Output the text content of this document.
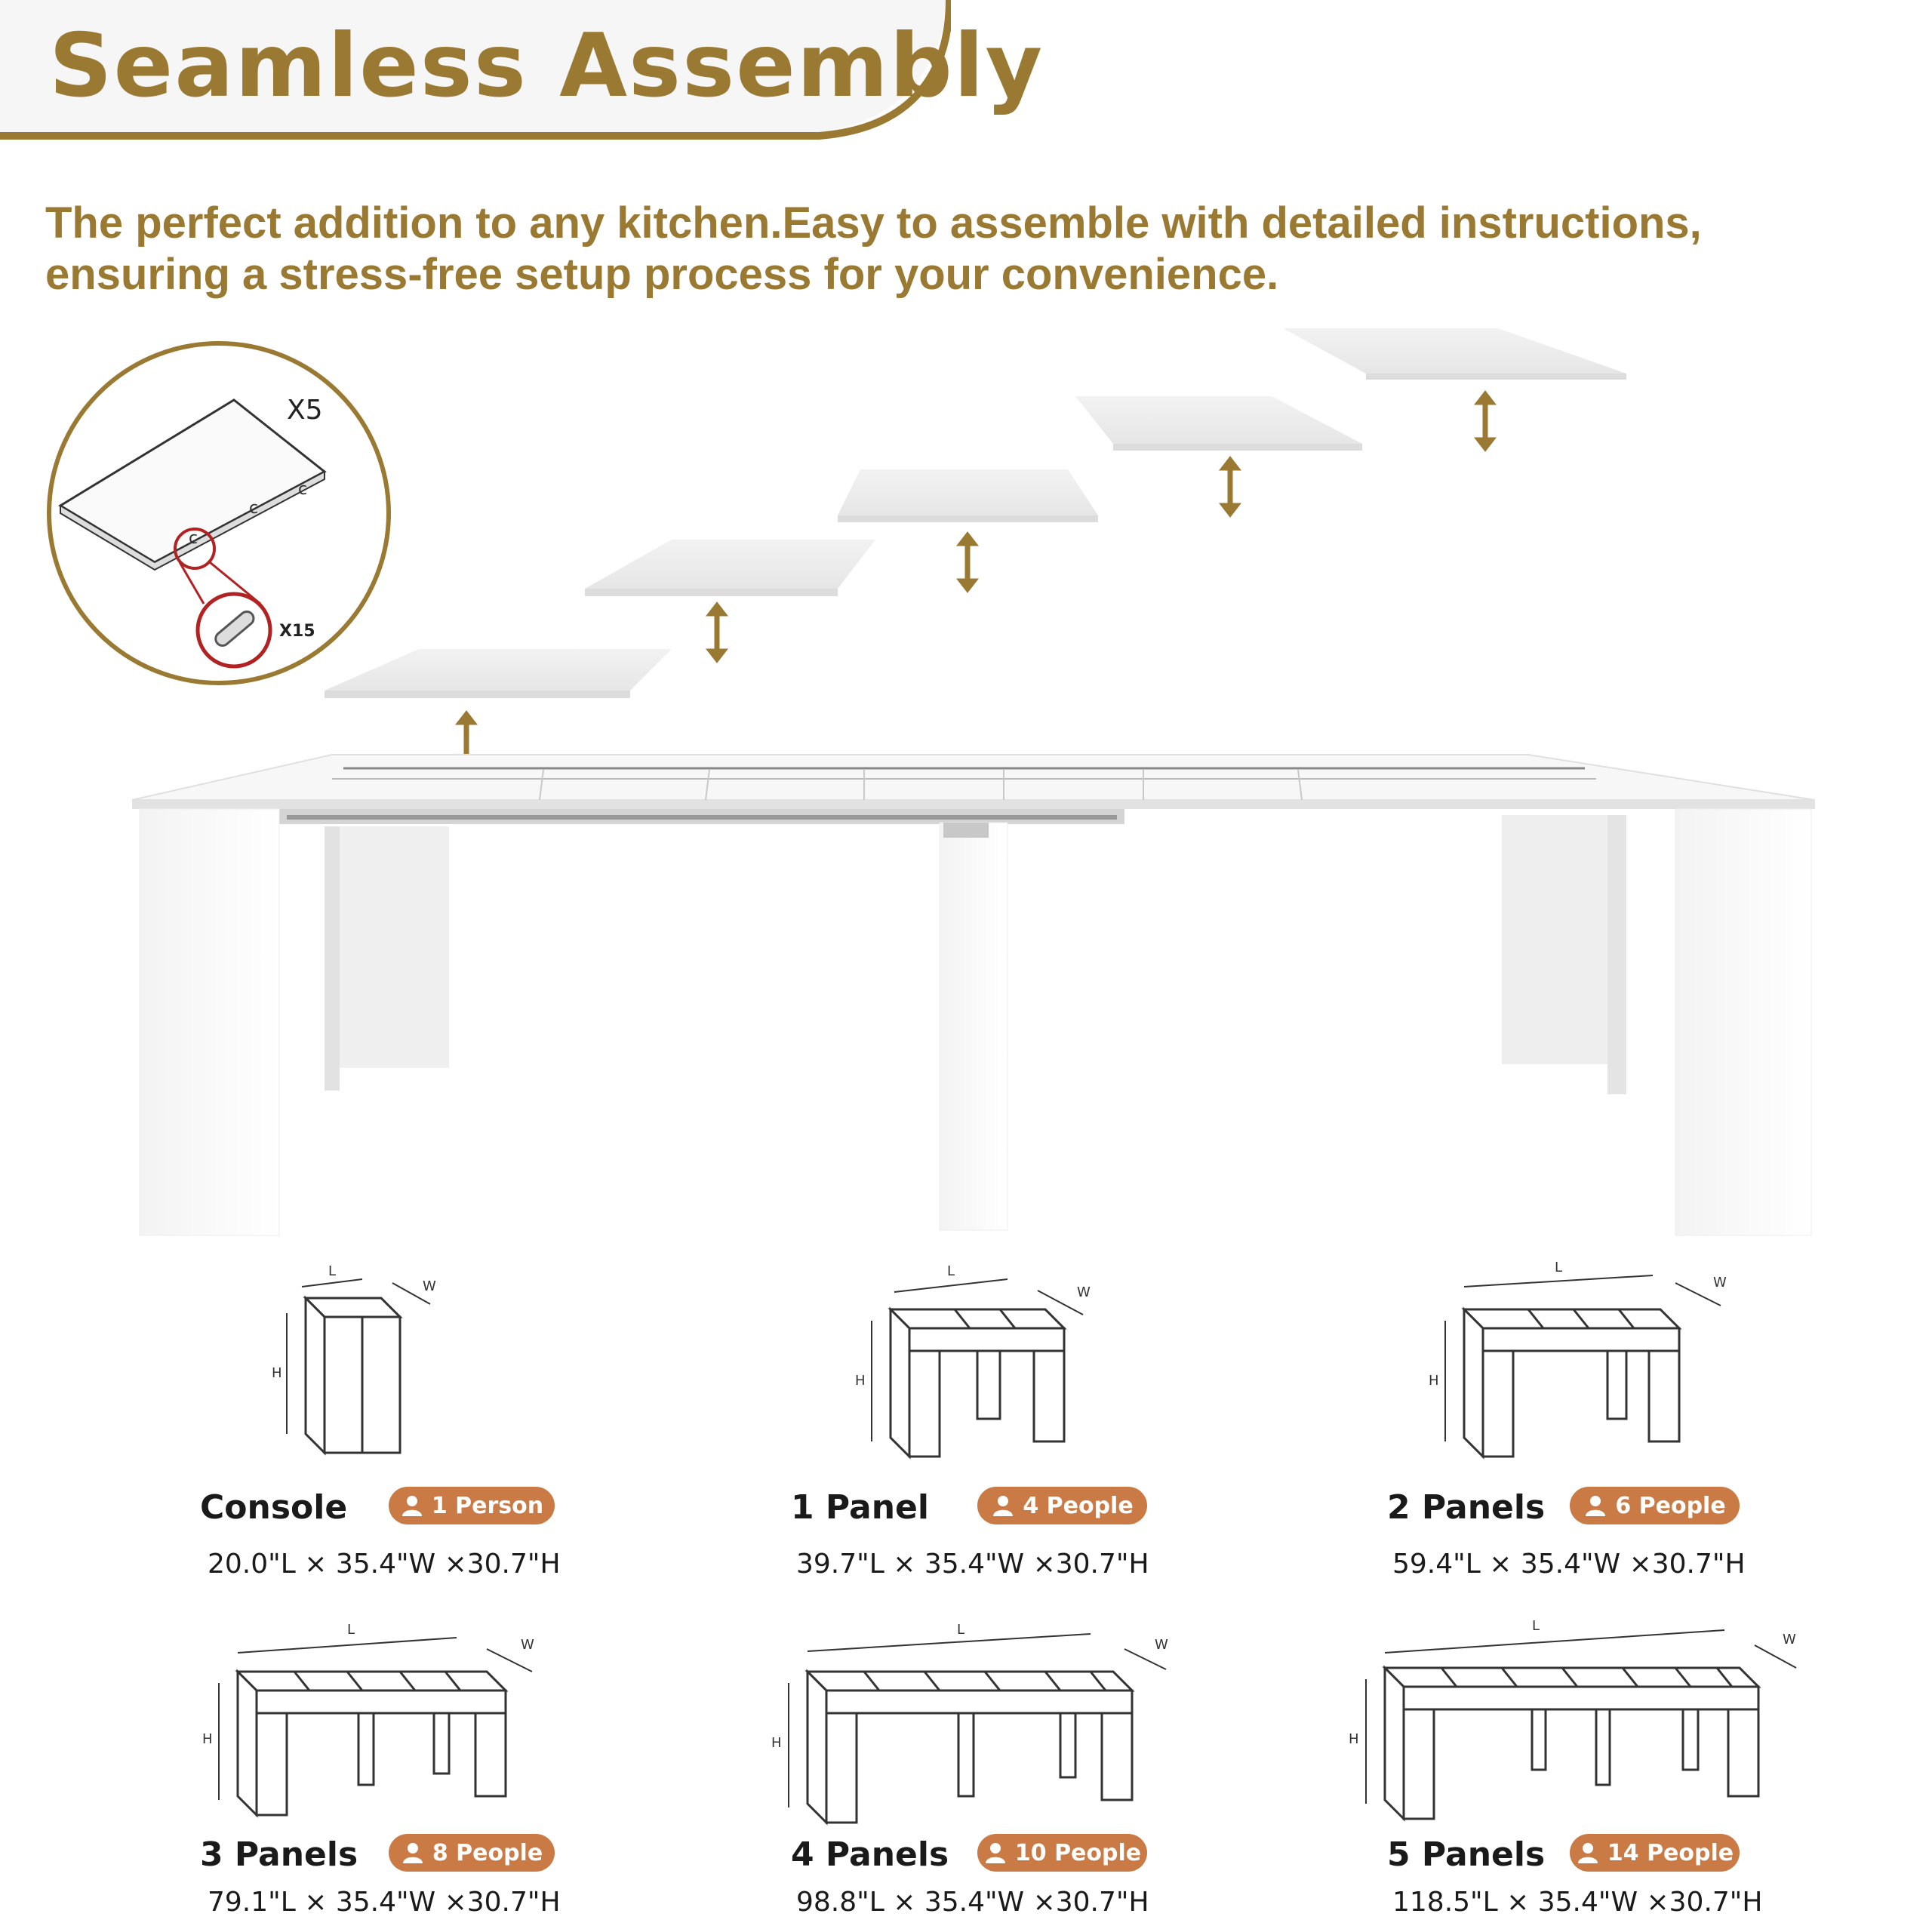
Seamless Assembly
The perfect addition to any kitchen.Easy to assemble with detailed instructions, ensuring a stress-free setup process for your convenience.
c
c
c
X5
X15
L
W
H
L
W
H
L
W
H
Console	1 Person
20.0"L × 35.4"W ×30.7"H
1 Panel	4 People
39.7"L × 35.4"W ×30.7"H
2 Panels	6 People
59.4"L × 35.4"W ×30.7"H
L
W
H
L
W
H
L
W
H
3 Panels	8 People
79.1"L × 35.4"W ×30.7"H
4 Panels	10 People
98.8"L × 35.4"W ×30.7"H
5 Panels	14 People
118.5"L × 35.4"W ×30.7"H
